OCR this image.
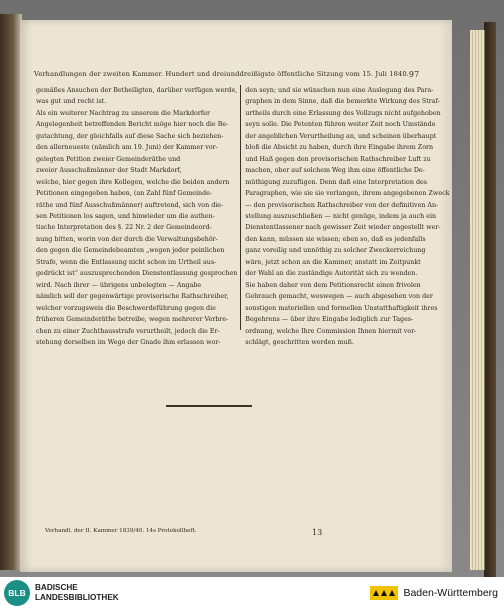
Verhandlungen der zweiten Kammer. Hundert und dreiunddreißigste öffentliche Sitzung vom 15. Juli 1840. 97

gemäßes Ansuchen der Betheiligten, darüber verfügen werde,

was gut und recht ist.

Als ein weiterer Nachtrag zu unserem die Markdorfer

Angelegenheit betreffenden Bericht möge hier noch die Be-

gutachtung, der gleichfalls auf diese Sache sich beziehen-

den allerneueste (nämlich am 19. Juni) der Kammer vor-

gelegten Petition zweier Gemeinderäthe und

zweier Ausschußmänner der Stadt Markdorf,

welche, hier gegen ihre Kollegen, welche die beiden andern

Petitionen eingegeben haben, (an Zahl fünf Gemeinde-

räthe und fünf Ausschußmänner) auftretend, sich von die-

sen Petitionen los sagen, und hinwieder um die authen-

tische Interpretation des §. 22 Nr. 2 der Gemeindeord-

nung bitten, worin von der durch die Verwaltungsbehör-

den gegen die Gemeindebeamten „wegen jeder peinlichen

Strafe, wenn die Entlassung nicht schon im Urtheil aus-

gedrückt ist“ auszusprechenden Dienstentlassung gesprochen

wird. Nach ihrer — übrigens unbelegten — Angabe

nämlich soll der gegenwärtige provisorische Rathschreiber,

welcher vorzugsweis die Beschwerdeführung gegen die

früheren Gemeinderäthe betreibe, wegen mehrerer Verbre-

chen zu einer Zuchthausstrafe verurtheilt, jedoch die Er-

stehung derselben im Wege der Gnade ihm erlassen wor-

den seyn; und sie wünschen nun eine Auslegung des Para-

graphen in dem Sinne, daß die bemerkte Wirkung des Straf-

urtheils durch eine Erlassung des Vollzugs nicht aufgehoben

seyn solle. Die Petenten führen weiter Zeit noch Umstände

der angeblichen Verurtheilung an, und scheinen überhaupt

bloß die Absicht zu haben, durch ihre Eingabe ihrem Zorn

und Haß gegen den provisorischen Rathschreiber Luft zu

machen, ober auf solchem Weg ihm eine öffentliche De-

müthigung zuzufügen. Denn daß eine Interpretation des

Paragraphen, wie sie sie verlangen, ihrem angegebenen Zweck

— den provisorischen Rathschreiber von der definitiven An-

stellung auszuschließen — nicht genüge, indem ja auch ein

Dienstentlassener nach gewisser Zeit wieder angestellt wer-

den kann, müssen sie wissen; eben so, daß es jedenfalls

ganz voreilig und unnöthig zu solcher Zweckerreichung

wäre, jetzt schon an die Kammer, anstatt im Zeitpunkt

der Wahl an die zuständige Autorität sich zu wenden.

Sie haben daher von dem Petitionsrecht einen frivolen

Gebrauch gemacht, weswegen — auch abgesehen von der

sonstigen materiellen und formellen Unstatthaftigkeit ihres

Begehrens — über ihre Eingabe lediglich zur Tages-

ordnung, welche Ihre Commission Ihnen hiermit vor-

schlägt, geschritten werden muß.

Verhandl. der II. Kammer 1839/40. 14s Protokollheft.	13
BLB
BADISCHE
LANDESBIBLIOTHEK	Baden-Württemberg
